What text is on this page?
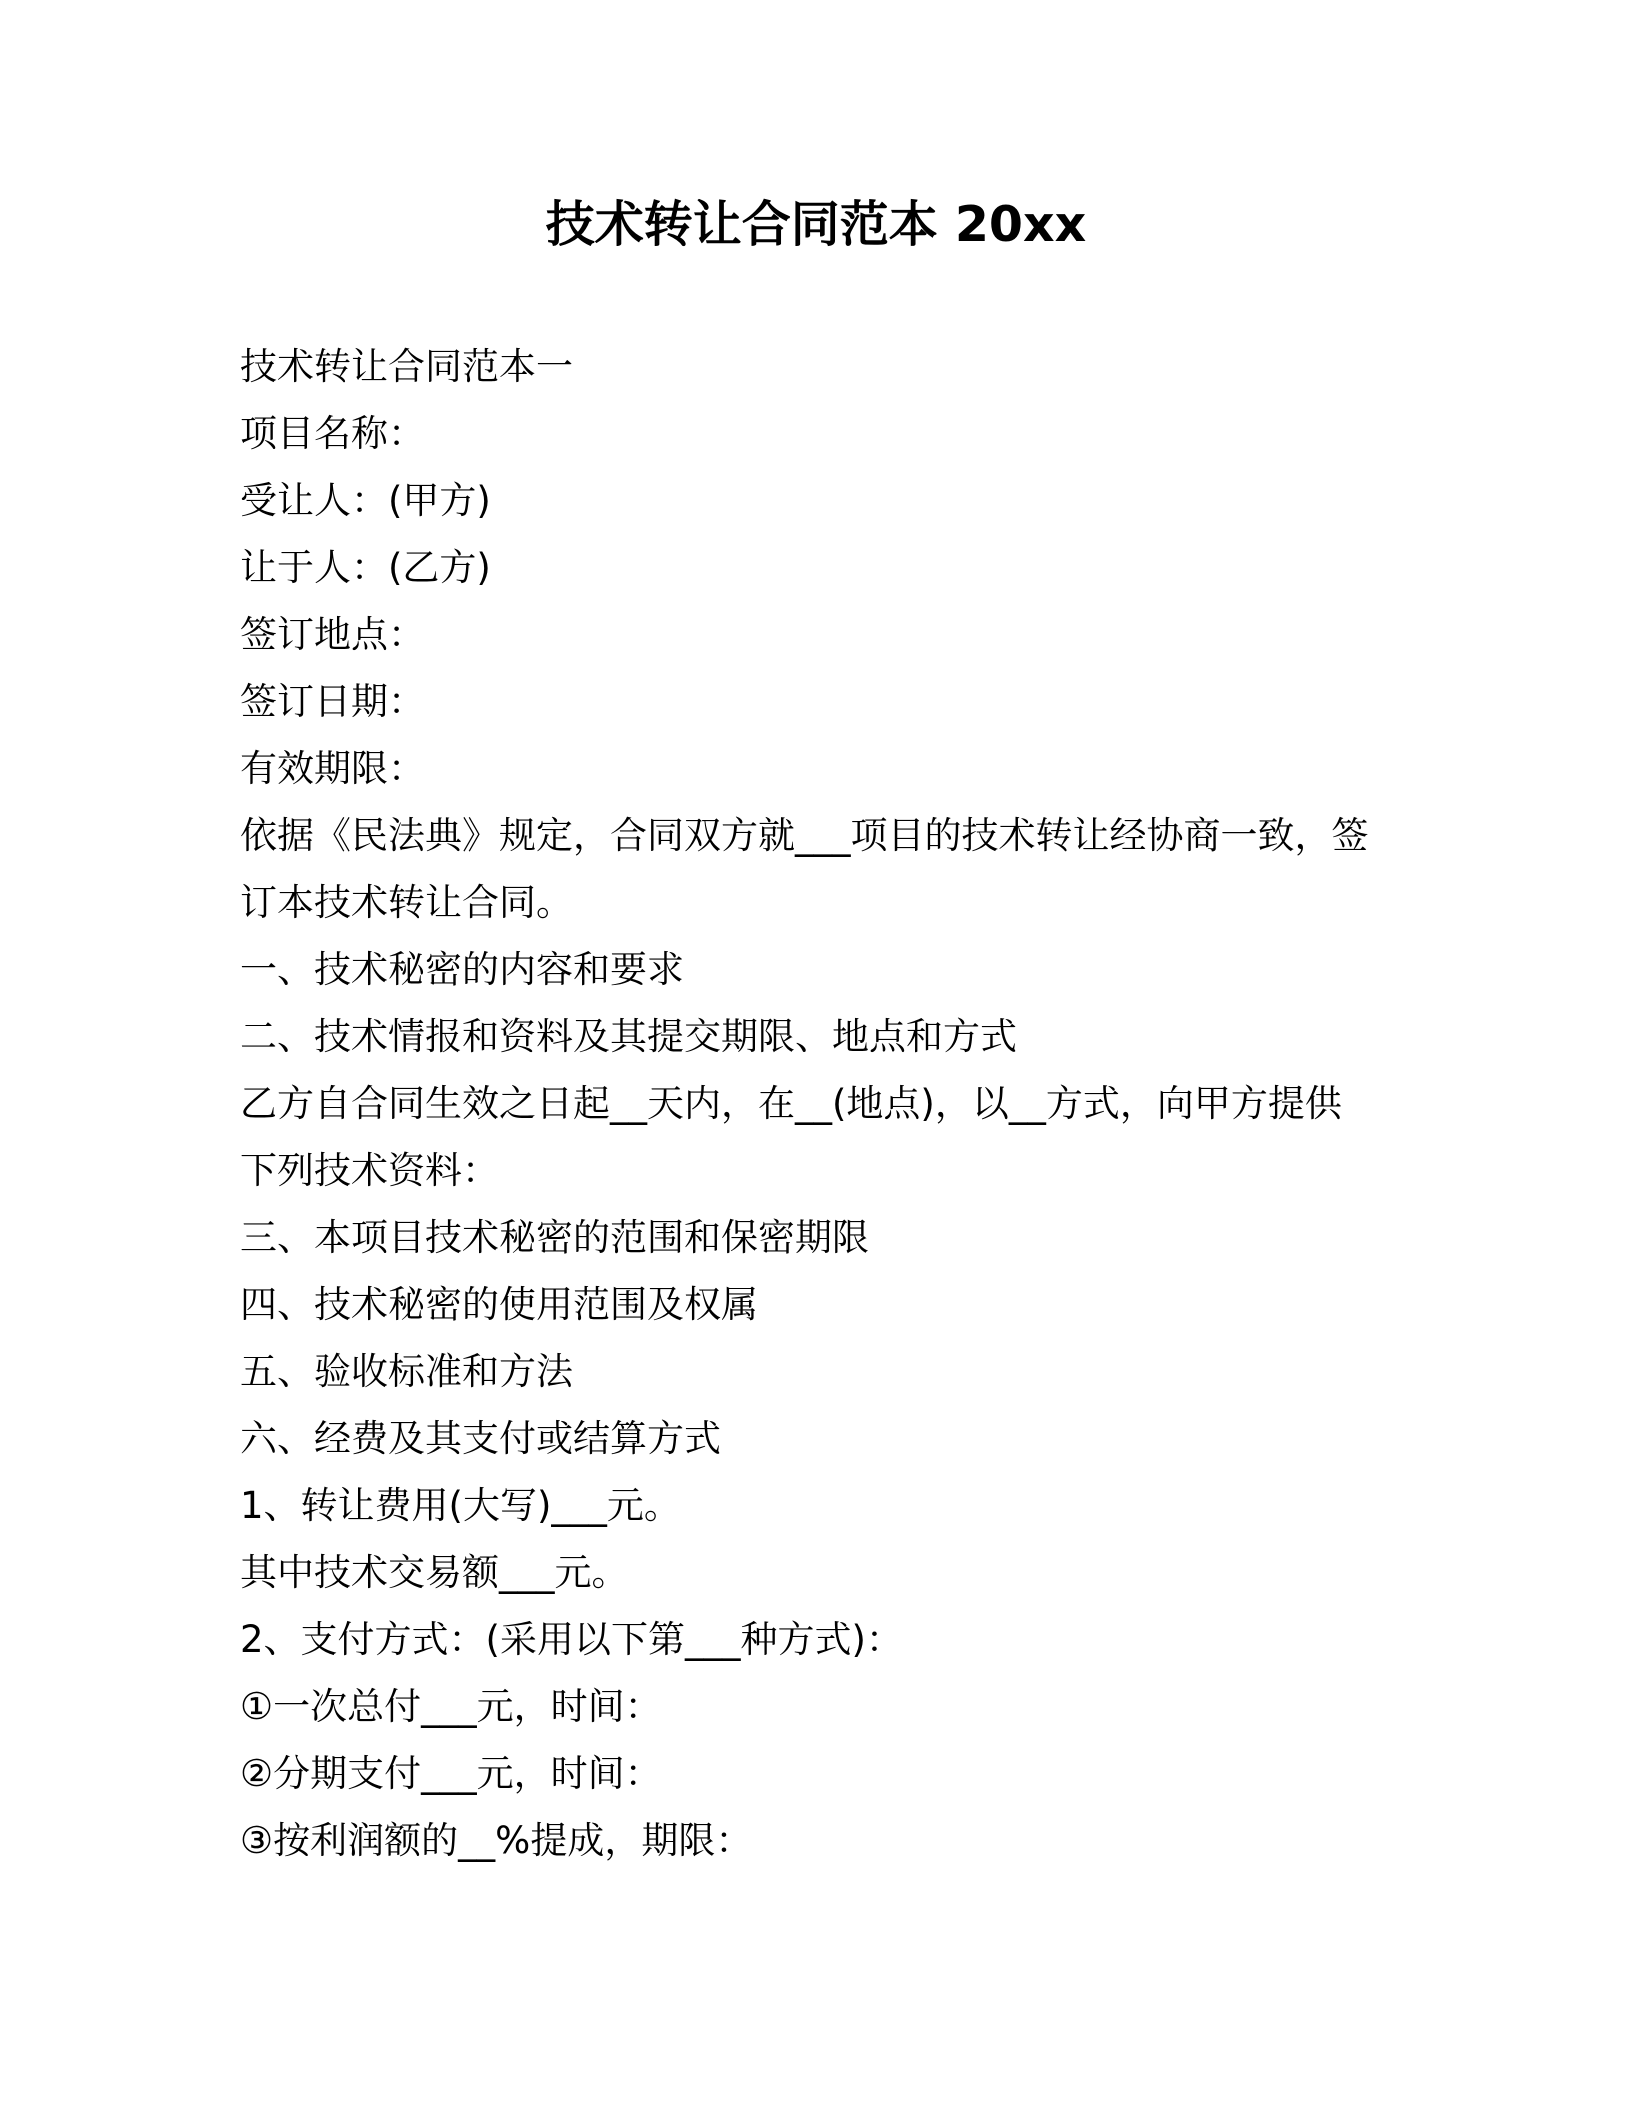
技术转让合同范本 20xx

技术转让合同范本一

项目名称：

受让人：(甲方)

让于人：(乙方)

签订地点：

签订日期：

有效期限：

依据《民法典》规定，合同双方就___项目的技术转让经协商一致，签

订本技术转让合同。

一、技术秘密的内容和要求

二、技术情报和资料及其提交期限、地点和方式

乙方自合同生效之日起__天内，在__(地点)，以__方式，向甲方提供

下列技术资料：

三、本项目技术秘密的范围和保密期限

四、技术秘密的使用范围及权属

五、验收标准和方法

六、经费及其支付或结算方式

1、转让费用(大写)___元。

其中技术交易额___元。

2、支付方式：(采用以下第___种方式)：

①一次总付___元，时间：

②分期支付___元，时间：

③按利润额的__%提成，期限：
